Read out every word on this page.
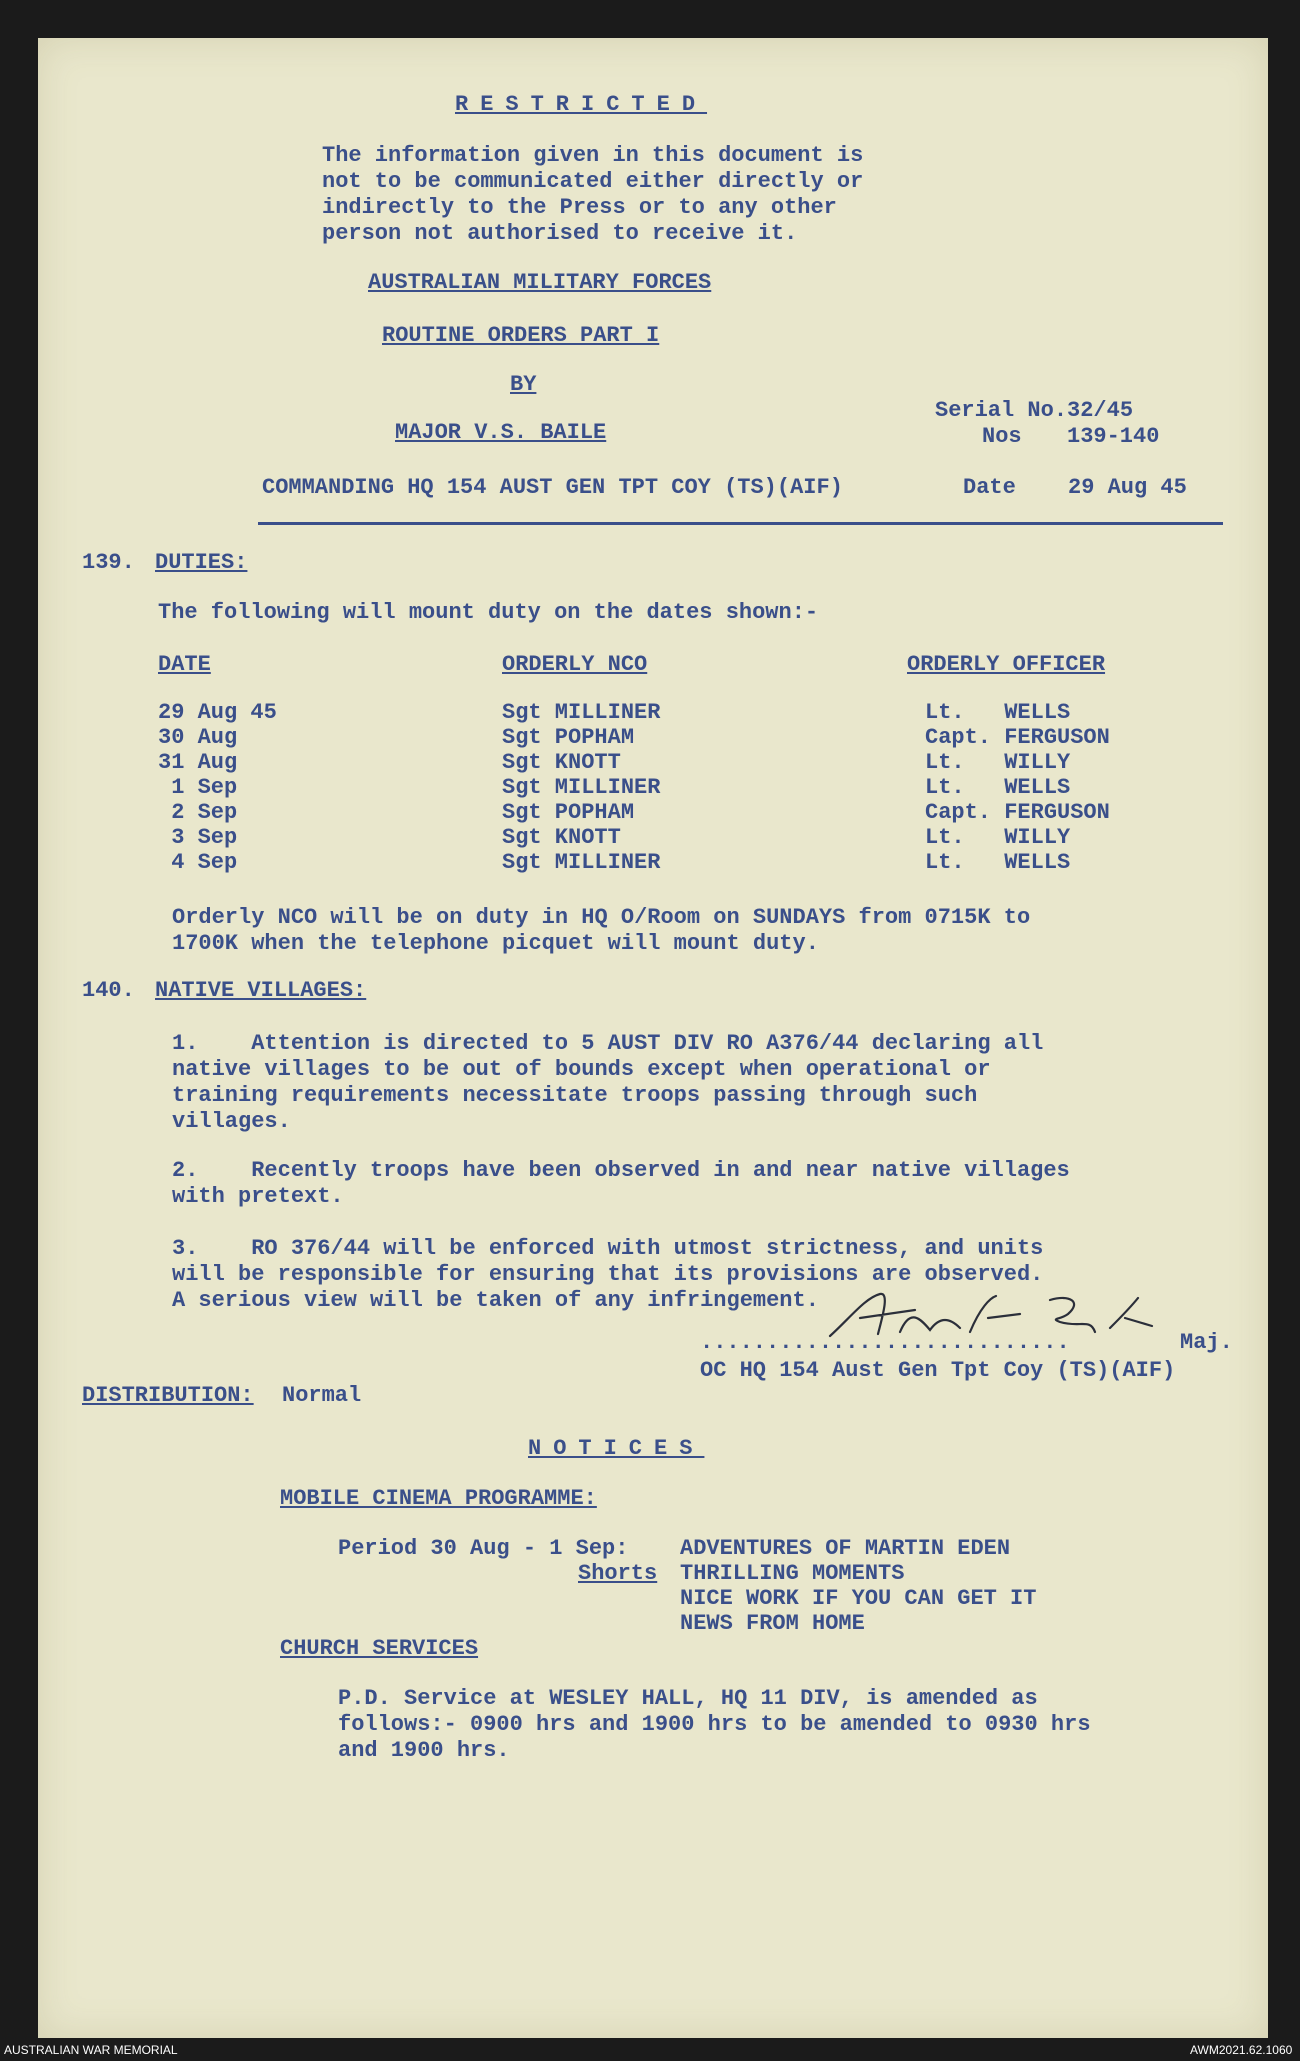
RESTRICTED
The information given in this document is
not to be communicated either directly or
indirectly to the Press or to any other
person not authorised to receive it.
AUSTRALIAN MILITARY FORCES
ROUTINE ORDERS PART I
BY
MAJOR V.S. BAILE
Serial No.32/45
Nos 139-140
COMMANDING HQ 154 AUST GEN TPT COY (TS)(AIF)	Date 29 Aug 45
139. DUTIES:
The following will mount duty on the dates shown:-
DATE	ORDERLY NCO	ORDERLY OFFICER
29 Aug 45	Sgt MILLINER	Lt.   WELLS
30 Aug	Sgt POPHAM	Capt. FERGUSON
31 Aug	Sgt KNOTT	Lt.   WILLY
1 Sep	Sgt MILLINER	Lt.   WELLS
2 Sep	Sgt POPHAM	Capt. FERGUSON
3 Sep	Sgt KNOTT	Lt.   WILLY
4 Sep	Sgt MILLINER	Lt.   WELLS
Orderly NCO will be on duty in HQ O/Room on SUNDAYS from 0715K to
1700K when the telephone picquet will mount duty.
140. NATIVE VILLAGES:
1.    Attention is directed to 5 AUST DIV RO A376/44 declaring all
native villages to be out of bounds except when operational or
training requirements necessitate troops passing through such
villages.
2.    Recently troops have been observed in and near native villages
with pretext.
3.    RO 376/44 will be enforced with utmost strictness, and units
will be responsible for ensuring that its provisions are observed.
A serious view will be taken of any infringement.
............................	Maj.
OC HQ 154 Aust Gen Tpt Coy (TS)(AIF)
DISTRIBUTION: Normal
NOTICES
MOBILE CINEMA PROGRAMME:
Period 30 Aug - 1 Sep: ADVENTURES OF MARTIN EDEN
Shorts THRILLING MOMENTS
NICE WORK IF YOU CAN GET IT
NEWS FROM HOME
CHURCH SERVICES
P.D. Service at WESLEY HALL, HQ 11 DIV, is amended as
follows:- 0900 hrs and 1900 hrs to be amended to 0930 hrs
and 1900 hrs.
AUSTRALIAN WAR MEMORIAL	AWM2021.62.1060
